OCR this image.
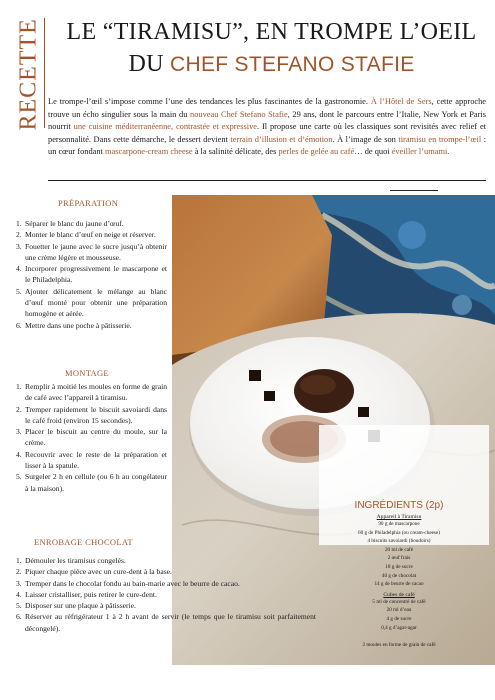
RECETTE LE “TIRAMISU”, EN TROMPE L’OEIL
DU CHEF STEFANO STAFIE
Le trompe-l’œil s’impose comme l’une des tendances les plus fascinantes de la gastronomie. À l’Hôtel de Sers, cette approche trouve un écho singulier sous la main du nouveau Chef Stefano Stafie, 29 ans, dont le parcours entre l’Italie, New York et Paris nourrit une cuisine méditerranéenne, contrastée et expressive. Il propose une carte où les classiques sont revisités avec relief et personnalité. Dans cette démarche, le dessert devient terrain d’illusion et d’émotion. À l’image de son tiramisu en trompe-l’œil : un cœur fondant mascarpone-cream cheese à la salinité délicate, des perles de gelée au café… de quoi éveiller l’umami.
PRÉPARATION
1. Séparer le blanc du jaune d’œuf.
2. Monter le blanc d’œuf en neige et réserver.
3. Fouetter le jaune avec le sucre jusqu’à obtenir une crème légère et mousseuse.
4. Incorporer progressivement le mascarpone et le Philadelphia.
5. Ajouter délicatement le mélange au blanc d’œuf monté pour obtenir une préparation homogène et aérée.
6. Mettre dans une poche à pâtisserie.
MONTAGE
1. Remplir à moitié les moules en forme de grain de café avec l’appareil à tiramisu.
2. Tremper rapidement le biscuit savoiardi dans le café froid (environ 15 secondes).
3. Placer le biscuit au centre du moule, sur la crème.
4. Recouvrir avec le reste de la préparation et lisser à la spatule.
5. Surgeler 2 h en cellule (ou 6 h au congélateur à la maison).
ENROBAGE CHOCOLAT
1. Démouler les tiramisus congelés.
2. Piquer chaque pièce avec un cure-dent à la base.
3. Tremper dans le chocolat fondu au bain-marie avec le beurre de cacao.
4. Laisser cristalliser, puis retirer le cure-dent.
5. Disposer sur une plaque à pâtisserie.
6. Réserver au réfrigérateur 1 à 2 h avant de servir (le temps que le tiramisu soit parfaitement décongelé).
INGRÉDIENTS (2p)
Appareil à Tiramisu
90 g de mascarpone
60 g de Philadelphia (ou cream-cheese)
4 biscuits savoiardi (boudoirs)
20 ml de café
2 œuf frais
18 g de sucre
40 g de chocolat
14 g de beurre de cacao
Cubes de café
5 ml de concentré de café
20 ml d’eau
4 g de sucre
0,4 g d’agar-agar
2 moules en forme de grain de café
